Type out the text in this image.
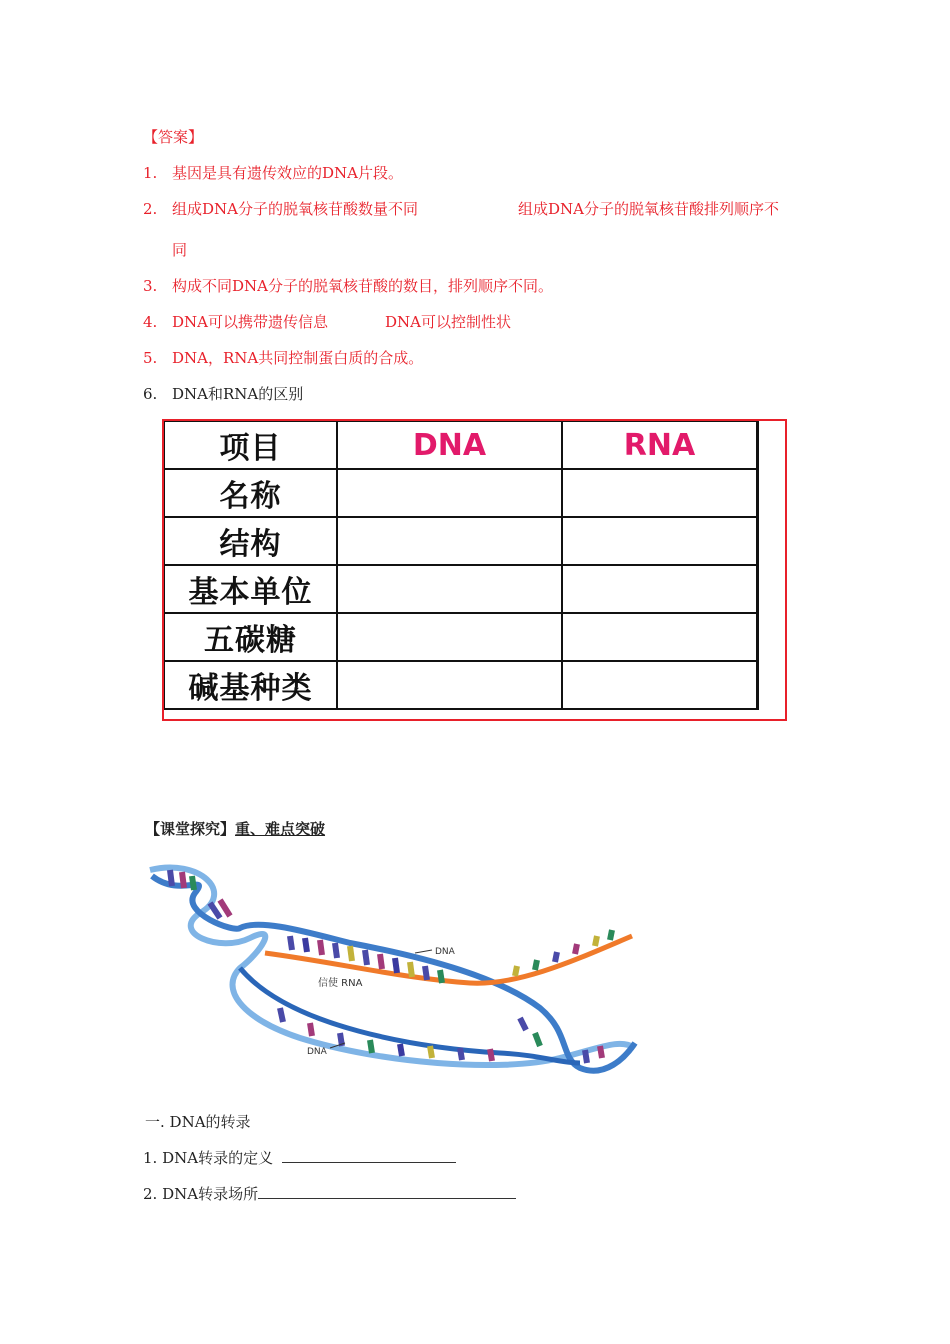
【答案】
1. 基因是具有遗传效应的DNA片段。
2. 组成DNA分子的脱氧核苷酸数量不同	组成DNA分子的脱氧核苷酸排列顺序不
同
3. 构成不同DNA分子的脱氧核苷酸的数目，排列顺序不同。
4. DNA可以携带遗传信息	DNA可以控制性状
5. DNA，RNA共同控制蛋白质的合成。
6. DNA和RNA的区别
项目	DNA	RNA	
名称			
结构			
基本单位			
五碳糖			
碱基种类			
【课堂探究】重、难点突破
DNA
信使 RNA
DNA
一. DNA的转录
1. DNA转录的定义
2. DNA转录场所
